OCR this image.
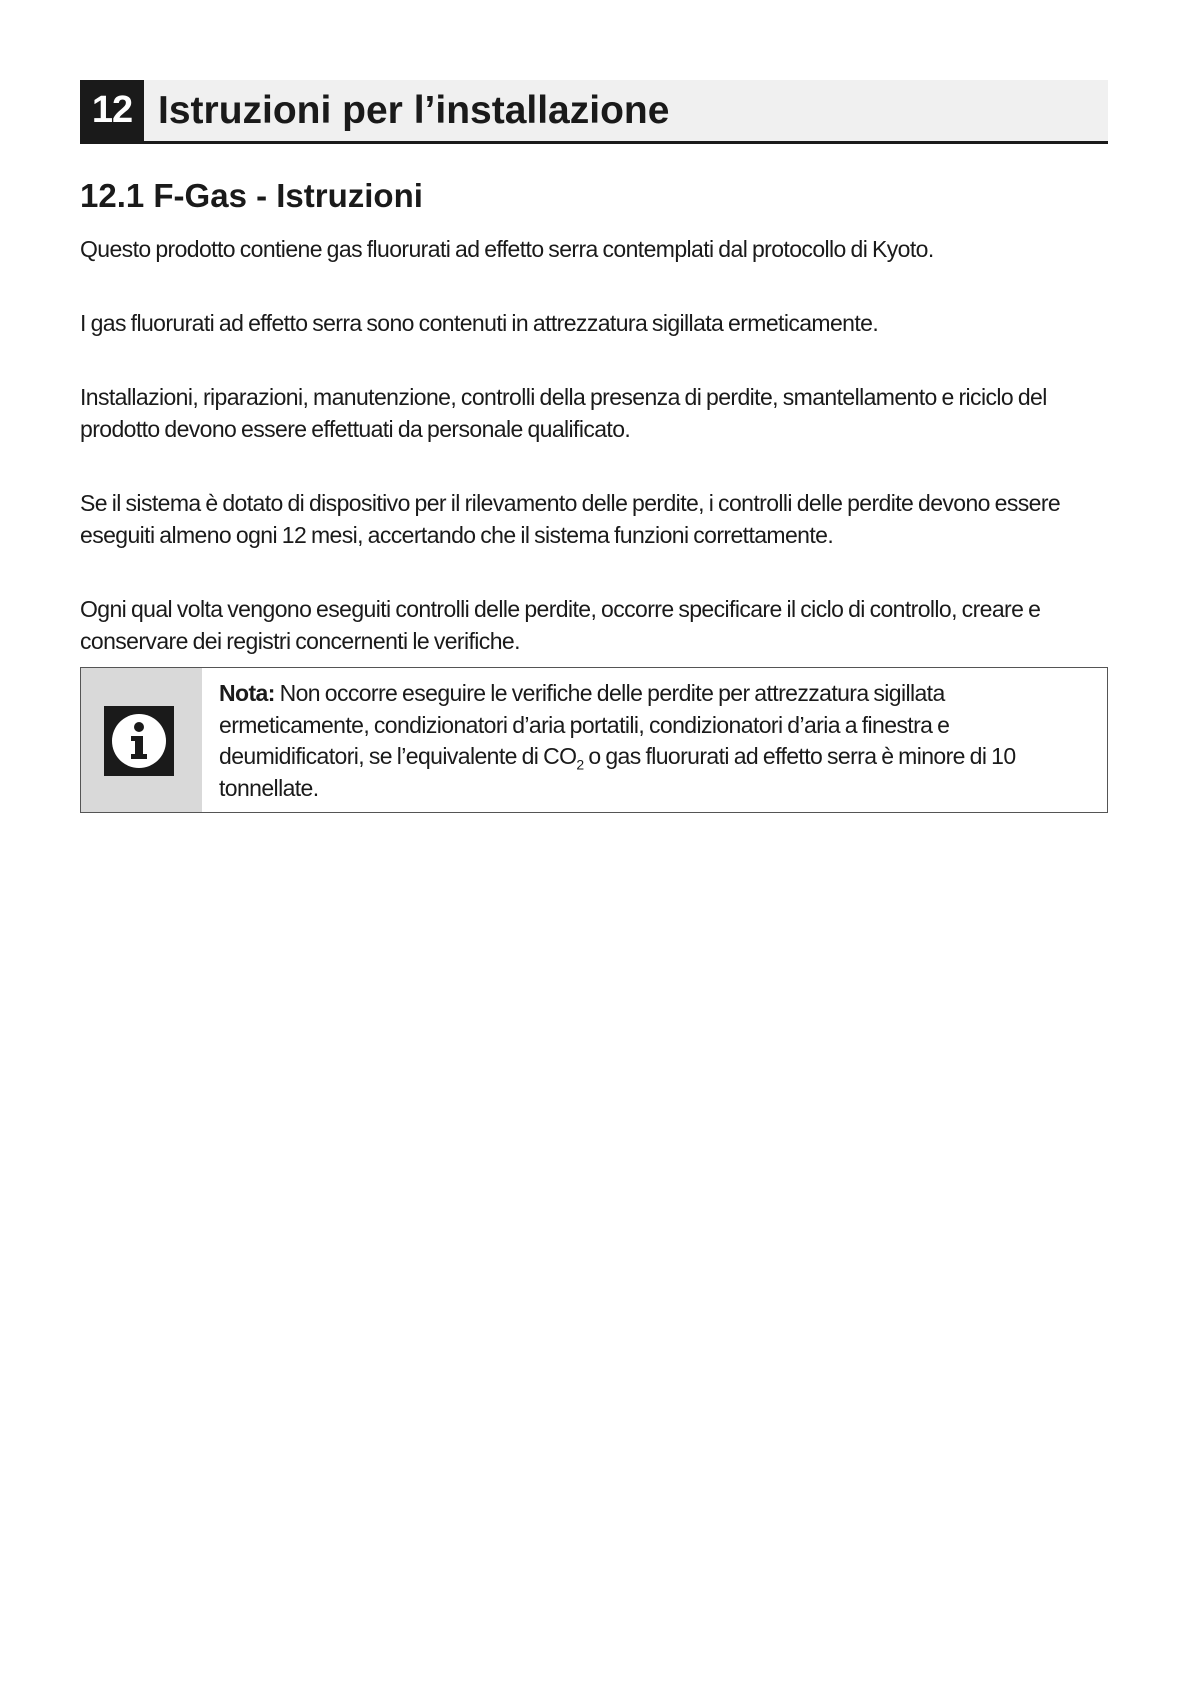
12 Istruzioni per l’installazione
12.1 F-Gas - Istruzioni
Questo prodotto contiene gas fluorurati ad effetto serra contemplati dal protocollo di Kyoto.
I gas fluorurati ad effetto serra sono contenuti in attrezzatura sigillata ermeticamente.
Installazioni, riparazioni, manutenzione, controlli della presenza di perdite, smantellamento e riciclo del prodotto devono essere effettuati da personale qualificato.
Se il sistema è dotato di dispositivo per il rilevamento delle perdite, i controlli delle perdite devono essere eseguiti almeno ogni 12 mesi, accertando che il sistema funzioni correttamente.
Ogni qual volta vengono eseguiti controlli delle perdite, occorre specificare il ciclo di controllo, creare e conservare dei registri concernenti le verifiche.
Nota: Non occorre eseguire le verifiche delle perdite per attrezzatura sigillata ermeticamente, condizionatori d’aria portatili, condizionatori d’aria a finestra e deumidificatori, se l’equivalente di $CO_2$ o gas fluorurati ad effetto serra è minore di 10 tonnellate.
